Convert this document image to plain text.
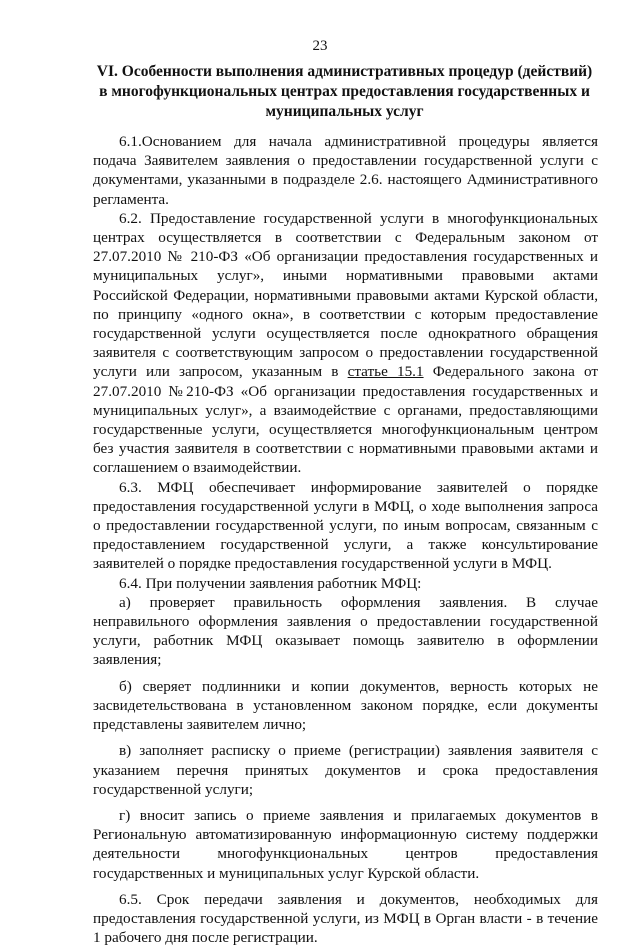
23
VI. Особенности выполнения административных процедур (действий) в многофункциональных центрах предоставления государственных и муниципальных услуг

6.1.Основанием для начала административной процедуры является подача Заявителем заявления о предоставлении государственной услуги с документами, указанными в подразделе 2.6. настоящего Административного регламента.

6.2. Предоставление государственной услуги в многофункциональных центрах осуществляется в соответствии с Федеральным законом от 27.07.2010 № 210-ФЗ «Об организации предоставления государственных и муниципальных услуг», иными нормативными правовыми актами Российской Федерации, нормативными правовыми актами Курской области, по принципу «одного окна», в соответствии с которым предоставление государственной услуги осуществляется после однократного обращения заявителя с соответствующим запросом о предоставлении государственной услуги или запросом, указанным в статье 15.1 Федерального закона от 27.07.2010 №210-ФЗ «Об организации предоставления государственных и муниципальных услуг», а взаимодействие с органами, предоставляющими государственные услуги, осуществляется многофункциональным центром без участия заявителя в соответствии с нормативными правовыми актами и соглашением о взаимодействии.

6.3. МФЦ обеспечивает информирование заявителей о порядке предоставления государственной услуги в МФЦ, о ходе выполнения запроса о предоставлении государственной услуги, по иным вопросам, связанным с предоставлением государственной услуги, а также консультирование заявителей о порядке предоставления государственной услуги в МФЦ.

6.4. При получении заявления работник МФЦ:

а) проверяет правильность оформления заявления. В случае неправильного оформления заявления о предоставлении государственной услуги, работник МФЦ оказывает помощь заявителю в оформлении заявления;

б) сверяет подлинники и копии документов, верность которых не засвидетельствована в установленном законом порядке, если документы представлены заявителем лично;

в) заполняет расписку о приеме (регистрации) заявления заявителя с указанием перечня принятых документов и срока предоставления государственной услуги;

г) вносит запись о приеме заявления и прилагаемых документов в Региональную автоматизированную информационную систему поддержки деятельности многофункциональных центров предоставления государственных и муниципальных услуг Курской области.

6.5. Срок передачи заявления и документов, необходимых для предоставления государственной услуги, из МФЦ в Орган власти - в течение 1 рабочего дня после регистрации.
